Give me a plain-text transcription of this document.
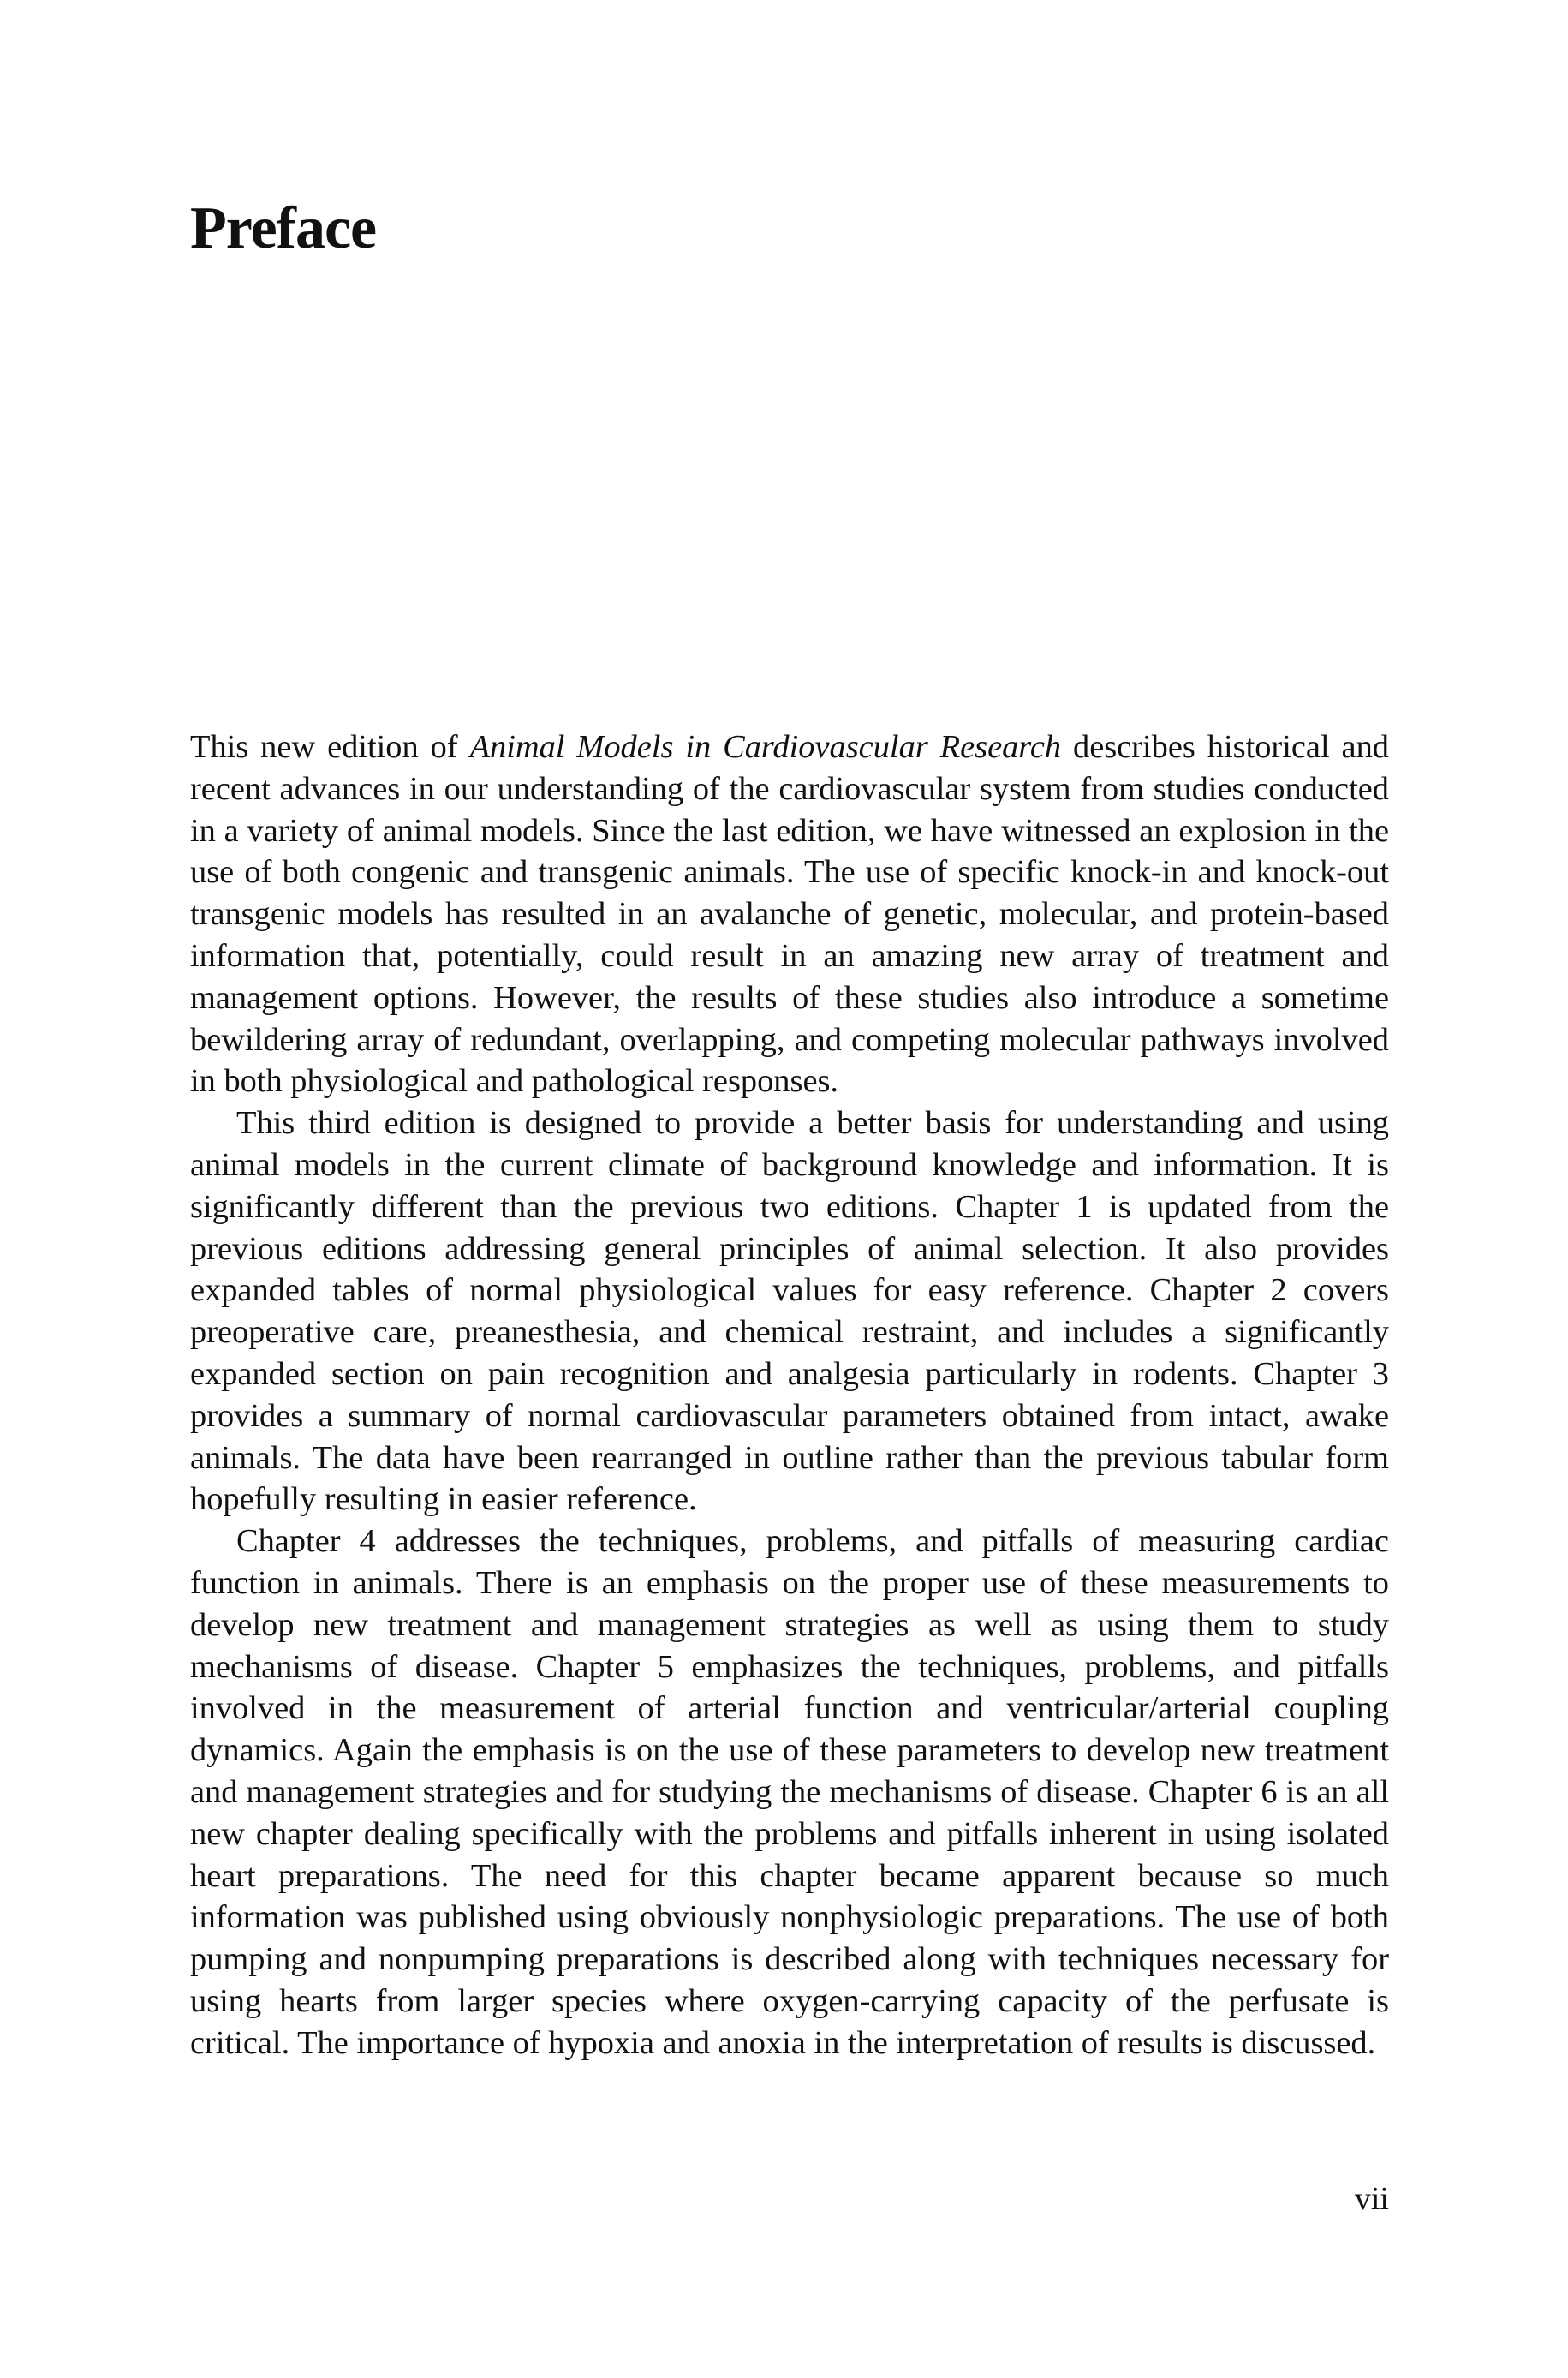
Preface

This new edition of Animal Models in Cardiovascular Research describes historical and recent advances in our understanding of the cardiovascular system from studies conducted in a variety of animal models. Since the last edition, we have witnessed an explosion in the use of both congenic and transgenic animals. The use of specific knock-in and knock-out transgenic models has resulted in an avalanche of genetic, molecular, and protein-based information that, potentially, could result in an amazing new array of treatment and management options. However, the results of these studies also introduce a sometime bewildering array of redundant, overlapping, and competing molecular pathways involved in both physiological and pathological responses.

This third edition is designed to provide a better basis for understanding and using animal models in the current climate of background knowledge and information. It is significantly different than the previous two editions. Chapter 1 is updated from the previous editions addressing general principles of animal selection. It also provides expanded tables of normal physiological values for easy reference. Chapter 2 covers preoperative care, preanesthesia, and chemical restraint, and includes a significantly expanded section on pain recognition and analgesia particularly in rodents. Chapter 3 provides a summary of normal cardiovascular parameters obtained from intact, awake animals. The data have been rearranged in outline rather than the previous tabular form hopefully resulting in easier reference.

Chapter 4 addresses the techniques, problems, and pitfalls of measuring cardiac function in animals. There is an emphasis on the proper use of these measurements to develop new treatment and management strategies as well as using them to study mechanisms of disease. Chapter 5 emphasizes the techniques, problems, and pitfalls involved in the measurement of arterial function and ventricular/arterial coupling dynamics. Again the emphasis is on the use of these parameters to develop new treatment and management strategies and for studying the mechanisms of disease. Chapter 6 is an all new chapter dealing specifically with the problems and pitfalls inherent in using isolated heart preparations. The need for this chapter became apparent because so much information was published using obviously nonphysiologic preparations. The use of both pumping and nonpumping preparations is described along with techniques necessary for using hearts from larger species where oxygen-carrying capacity of the perfusate is critical. The importance of hypoxia and anoxia in the interpretation of results is discussed.

vii
